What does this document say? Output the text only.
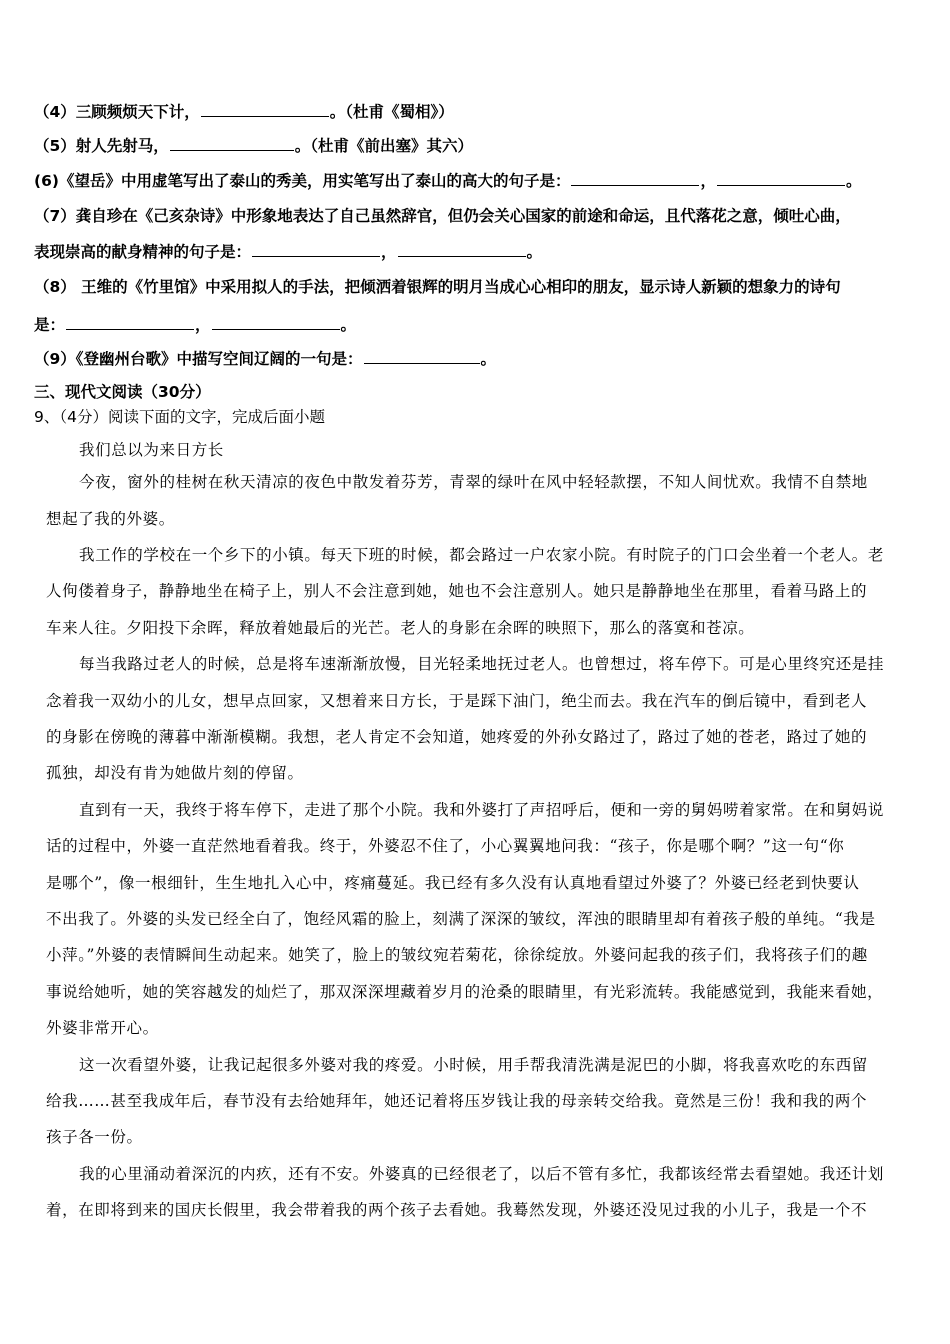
（4）三顾频烦天下计，	。（杜甫《蜀相》）
（5）射人先射马，	。（杜甫《前出塞》其六）
(6)《望岳》中用虚笔写出了泰山的秀美，用实笔写出了泰山的高大的句子是：	，	。
（7）龚自珍在《己亥杂诗》中形象地表达了自己虽然辞官，但仍会关心国家的前途和命运，且代落花之意，倾吐心曲，
表现崇高的献身精神的句子是：	，	。
（8） 王维的《竹里馆》中采用拟人的手法，把倾洒着银辉的明月当成心心相印的朋友，显示诗人新颖的想象力的诗句
是：	，	。
（9）《登幽州台歌》中描写空间辽阔的一句是：	。
三、现代文阅读（30分）
9、（4分）阅读下面的文字，完成后面小题
我们总以为来日方长
今夜，窗外的桂树在秋天清凉的夜色中散发着芬芳，青翠的绿叶在风中轻轻款摆，不知人间忧欢。我情不自禁地
想起了我的外婆。
我工作的学校在一个乡下的小镇。每天下班的时候，都会路过一户农家小院。有时院子的门口会坐着一个老人。老
人佝偻着身子，静静地坐在椅子上，别人不会注意到她，她也不会注意别人。她只是静静地坐在那里，看着马路上的
车来人往。夕阳投下余晖，释放着她最后的光芒。老人的身影在余晖的映照下，那么的落寞和苍凉。
每当我路过老人的时候，总是将车速渐渐放慢，目光轻柔地抚过老人。也曾想过，将车停下。可是心里终究还是挂
念着我一双幼小的儿女，想早点回家，又想着来日方长，于是踩下油门，绝尘而去。我在汽车的倒后镜中，看到老人
的身影在傍晚的薄暮中渐渐模糊。我想，老人肯定不会知道，她疼爱的外孙女路过了，路过了她的苍老，路过了她的
孤独，却没有肯为她做片刻的停留。
直到有一天，我终于将车停下，走进了那个小院。我和外婆打了声招呼后，便和一旁的舅妈唠着家常。在和舅妈说
话的过程中，外婆一直茫然地看着我。终于，外婆忍不住了，小心翼翼地问我：“孩子，你是哪个啊？”这一句“你
是哪个”，像一根细针，生生地扎入心中，疼痛蔓延。我已经有多久没有认真地看望过外婆了？外婆已经老到快要认
不出我了。外婆的头发已经全白了，饱经风霜的脸上，刻满了深深的皱纹，浑浊的眼睛里却有着孩子般的单纯。“我是
小萍。”外婆的表情瞬间生动起来。她笑了，脸上的皱纹宛若菊花，徐徐绽放。外婆问起我的孩子们，我将孩子们的趣
事说给她听，她的笑容越发的灿烂了，那双深深埋藏着岁月的沧桑的眼睛里，有光彩流转。我能感觉到，我能来看她，
外婆非常开心。
这一次看望外婆，让我记起很多外婆对我的疼爱。小时候，用手帮我清洗满是泥巴的小脚，将我喜欢吃的东西留
给我……甚至我成年后，春节没有去给她拜年，她还记着将压岁钱让我的母亲转交给我。竟然是三份！我和我的两个
孩子各一份。
我的心里涌动着深沉的内疚，还有不安。外婆真的已经很老了，以后不管有多忙，我都该经常去看望她。我还计划
着，在即将到来的国庆长假里，我会带着我的两个孩子去看她。我蓦然发现，外婆还没见过我的小儿子，我是一个不
